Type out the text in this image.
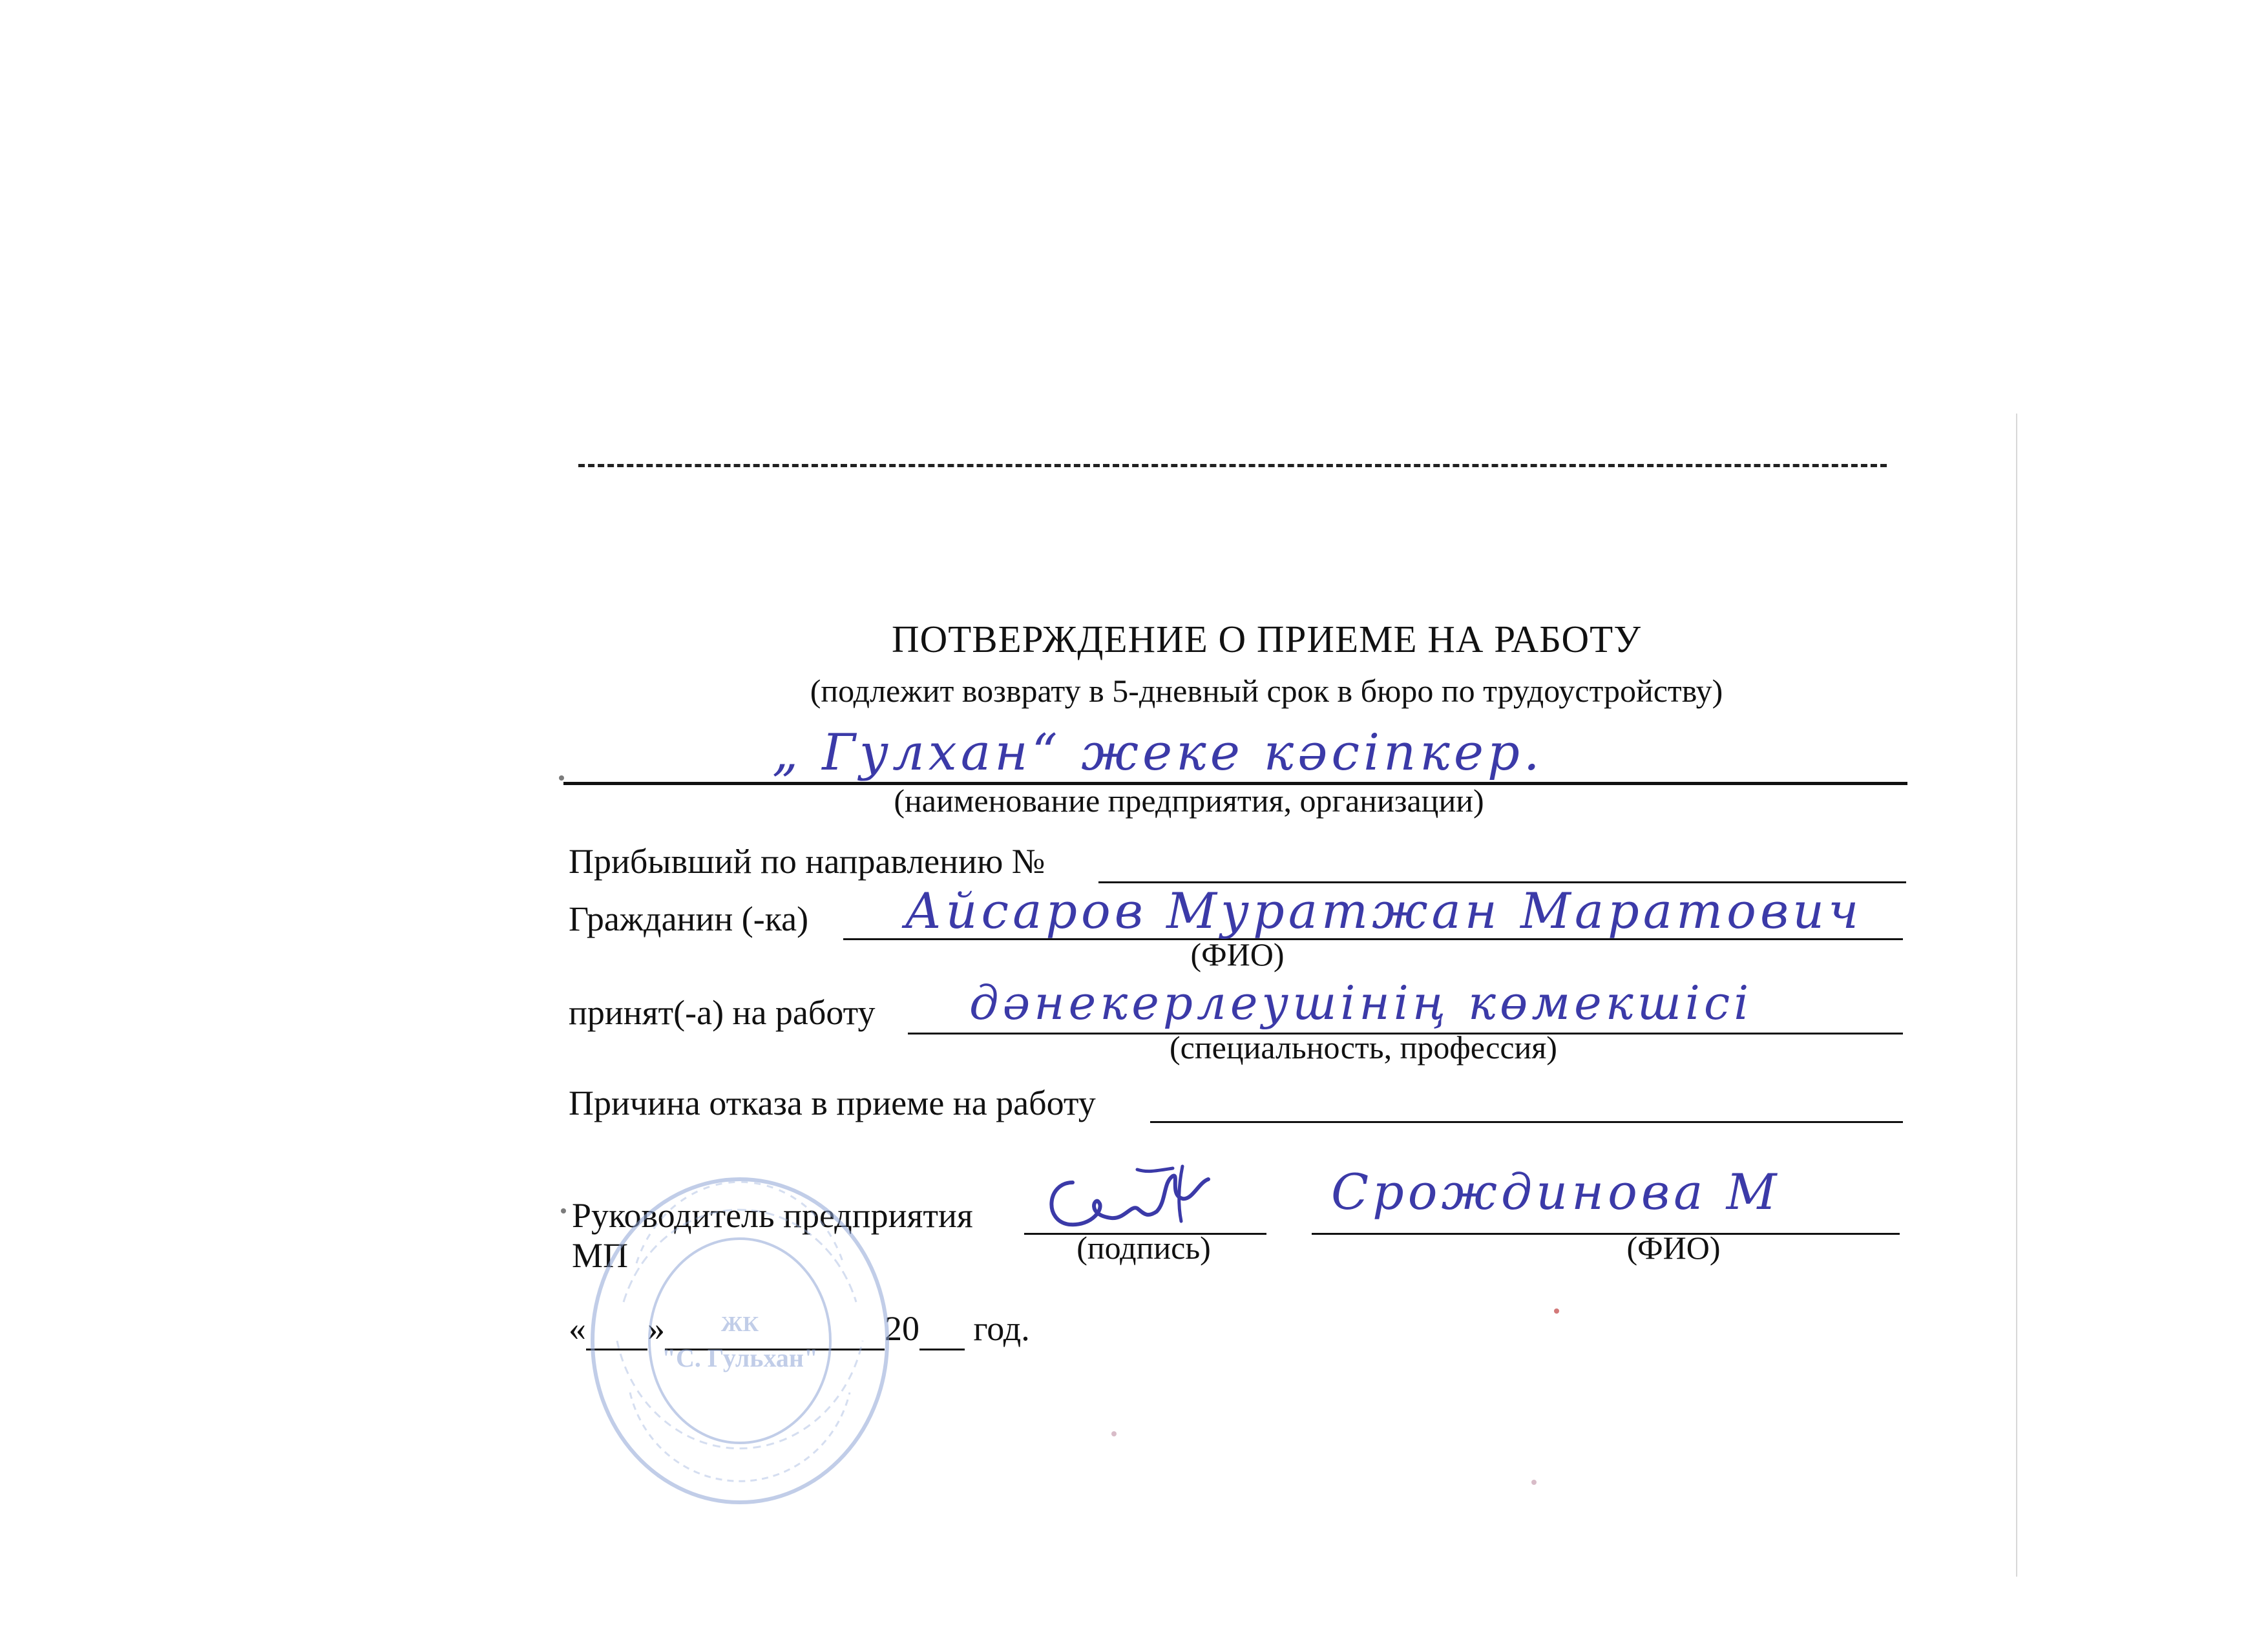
ПОТВЕРЖДЕНИЕ О ПРИЕМЕ НА РАБОТУ
(подлежит возврату в 5-дневный срок в бюро по трудоустройству)
„ Гулхан“ жеке кәсіпкер.
(наименование предприятия, организации)
Прибывший по направлению №
Гражданин (-ка) Айсаров Муратжан Маратович
(ФИО)
принят(-а) на работу дәнекерлеушінің көмекшісі
(специальность, профессия)
Причина отказа в приеме на работу
Руководитель предприятия	Срождинова М
(подпись)	(ФИО)
МП
« »	20  год.
ЖК
"С. Гульхан"
